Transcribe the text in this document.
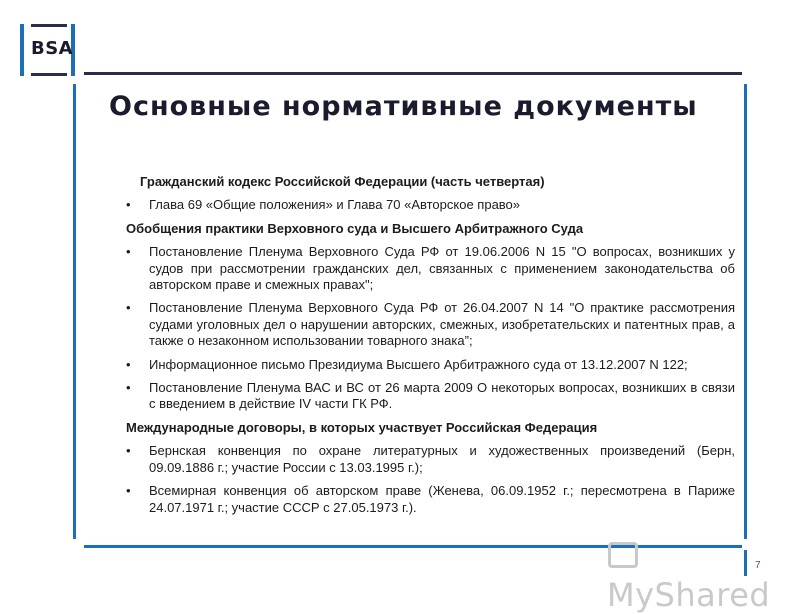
BSA
Основные нормативные документы
Гражданский кодекс Российской Федерации (часть четвертая)
• Глава 69 «Общие положения» и Глава 70 «Авторское право»
Обобщения практики Верховного суда и Высшего Арбитражного Суда
• Постановление Пленума Верховного Суда РФ от 19.06.2006 N 15 "О вопросах, возникших у судов при рассмотрении гражданских дел, связанных с применением законодательства об авторском праве и смежных правах";
• Постановление Пленума Верховного Суда РФ от 26.04.2007 N 14 "О практике рассмотрения судами уголовных дел о нарушении авторских, смежных, изобретательских и патентных прав, а также о незаконном использовании товарного знака”;
• Информационное письмо Президиума Высшего Арбитражного суда от 13.12.2007 N 122;
• Постановление Пленума ВАС и ВС от 26 марта 2009 О некоторых вопросах, возникших в связи с введением в действие IV части ГК РФ.
Международные договоры, в которых участвует Российская Федерация
• Бернская конвенция по охране литературных и художественных произведений (Берн, 09.09.1886 г.; участие России с 13.03.1995 г.);
• Всемирная конвенция об авторском праве (Женева, 06.09.1952 г.; пересмотрена в Париже 24.07.1971 г.; участие СССР с 27.05.1973 г.).
MyShared
7
